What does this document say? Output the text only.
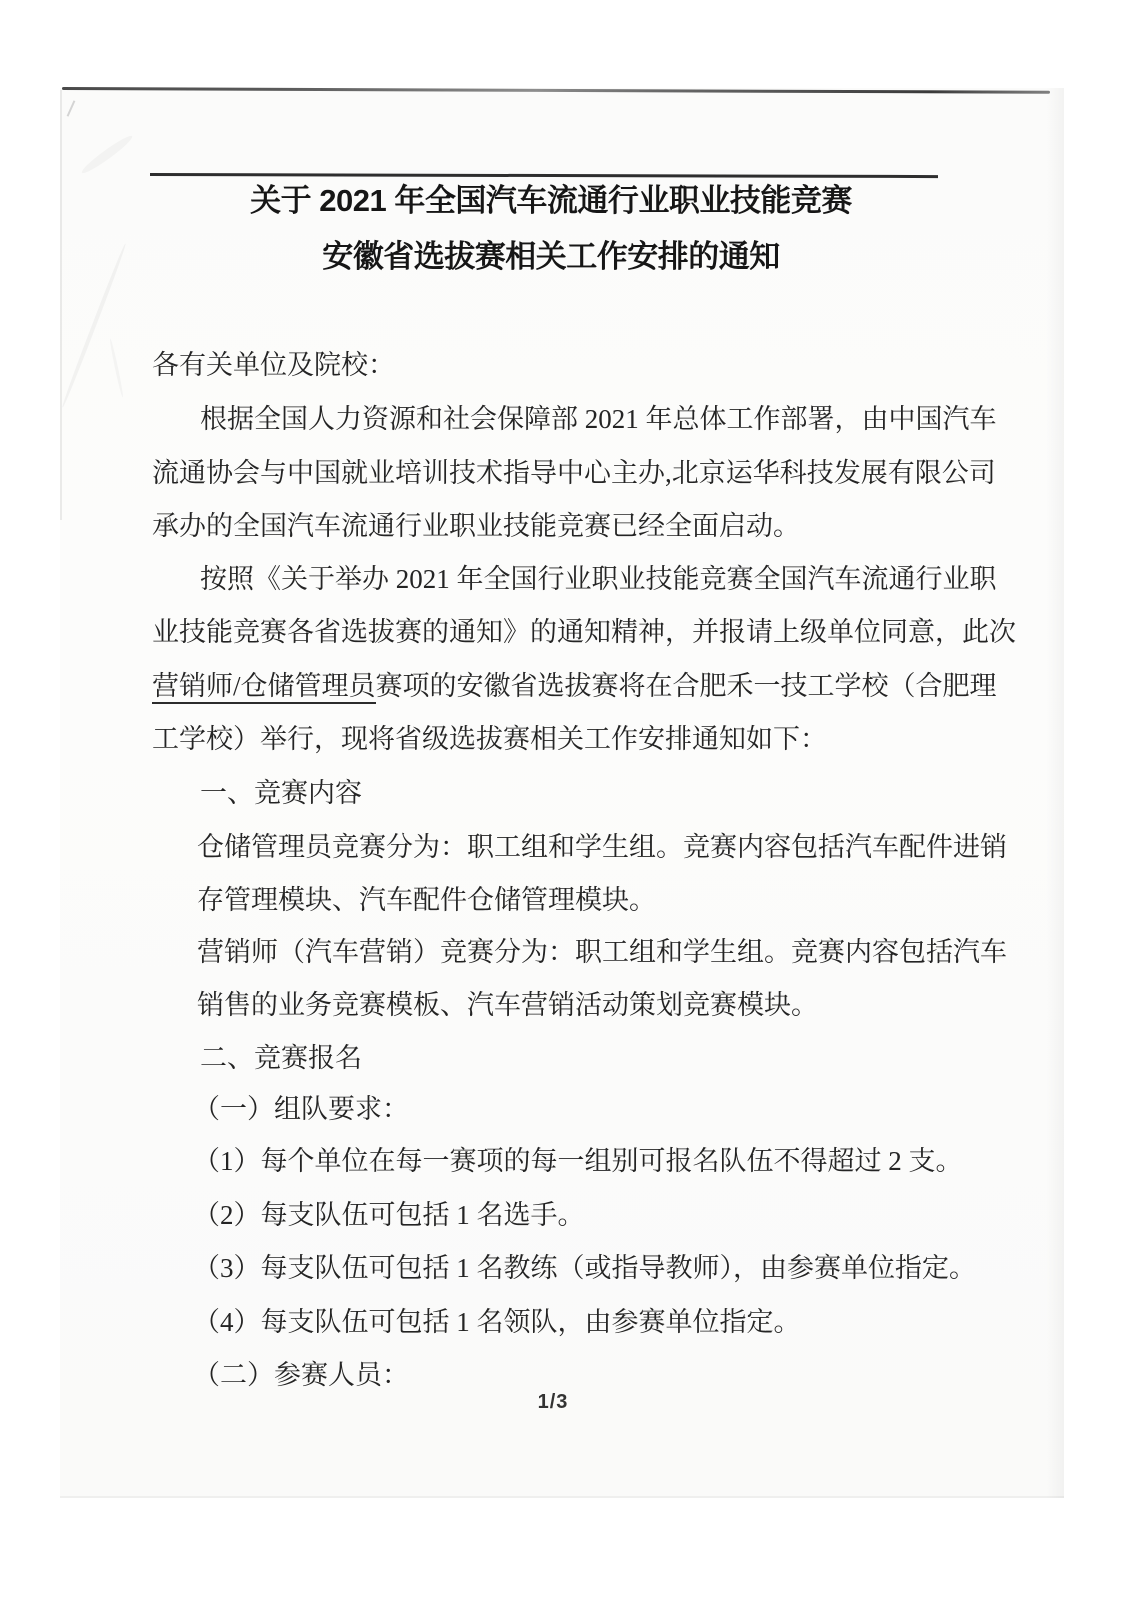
关于 2021 年全国汽车流通行业职业技能竞赛
安徽省选拔赛相关工作安排的通知
各有关单位及院校：
根据全国人力资源和社会保障部 2021 年总体工作部署，由中国汽车
流通协会与中国就业培训技术指导中心主办,北京运华科技发展有限公司
承办的全国汽车流通行业职业技能竞赛已经全面启动。
按照《关于举办 2021 年全国行业职业技能竞赛全国汽车流通行业职
业技能竞赛各省选拔赛的通知》的通知精神，并报请上级单位同意，此次
营销师/仓储管理员赛项的安徽省选拔赛将在合肥禾一技工学校（合肥理
工学校）举行，现将省级选拔赛相关工作安排通知如下：
一、竞赛内容
仓储管理员竞赛分为：职工组和学生组。竞赛内容包括汽车配件进销
存管理模块、汽车配件仓储管理模块。
营销师（汽车营销）竞赛分为：职工组和学生组。竞赛内容包括汽车
销售的业务竞赛模板、汽车营销活动策划竞赛模块。
二、竞赛报名
（一）组队要求：
（1）每个单位在每一赛项的每一组别可报名队伍不得超过 2 支。
（2）每支队伍可包括 1 名选手。
（3）每支队伍可包括 1 名教练（或指导教师），由参赛单位指定。
（4）每支队伍可包括 1 名领队，由参赛单位指定。
（二）参赛人员：
1/3
